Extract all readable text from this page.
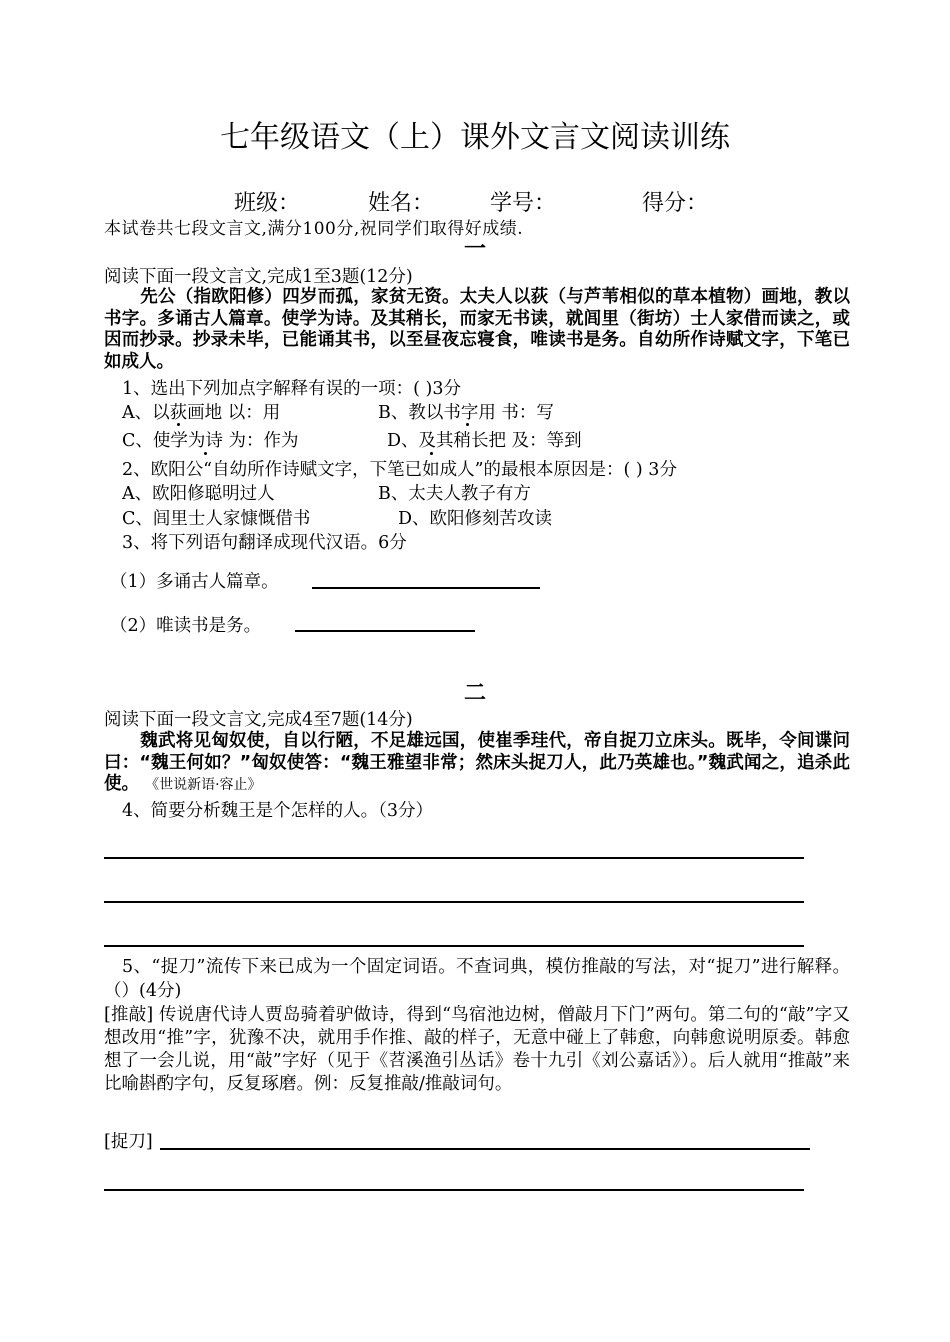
七年级语文（上）课外文言文阅读训练
班级：	姓名：	学号：	得分：
本试卷共七段文言文,满分100分,祝同学们取得好成绩.
一
阅读下面一段文言文,完成1至3题(12分)
先公（指欧阳修）四岁而孤，家贫无资。太夫人以荻（与芦苇相似的草本植物）画地，教以书字。多诵古人篇章。使学为诗。及其稍长，而家无书读，就闾里（街坊）士人家借而读之，或因而抄录。抄录未毕，已能诵其书，以至昼夜忘寝食，唯读书是务。自幼所作诗赋文字，下笔已如成人。
1、选出下列加点字解释有误的一项：( )3分
A、以荻画地 以：用	B、教以书字用 书：写
C、使学为诗 为：作为	D、及其稍长把 及：等到
2、欧阳公“自幼所作诗赋文字，下笔已如成人”的最根本原因是：( ) 3分
A、欧阳修聪明过人	B、太夫人教子有方
C、闾里士人家慷慨借书	D、欧阳修刻苦攻读
3、将下列语句翻译成现代汉语。6分
（1）多诵古人篇章。
（2）唯读书是务。
二
阅读下面一段文言文,完成4至7题(14分)
魏武将见匈奴使，自以行陋，不足雄远国，使崔季珪代，帝自捉刀立床头。既毕，令间谍问曰：“魏王何如？”匈奴使答：“魏王雅望非常；然床头捉刀人，此乃英雄也。”魏武闻之，追杀此使。 《世说新语·容止》
4、简要分析魏王是个怎样的人。（3分）
5、“捉刀”流传下来已成为一个固定词语。不查词典，模仿推敲的写法，对“捉刀”进行解释。（）(4分)
[推敲] 传说唐代诗人贾岛骑着驴做诗，得到“鸟宿池边树，僧敲月下门”两句。第二句的“敲”字又想改用“推”字，犹豫不决，就用手作推、敲的样子，无意中碰上了韩愈，向韩愈说明原委。韩愈想了一会儿说，用“敲”字好（见于《苕溪渔引丛话》卷十九引《刘公嘉话》）。后人就用“推敲”来比喻斟酌字句，反复琢磨。例：反复推敲/推敲词句。
[捉刀]
